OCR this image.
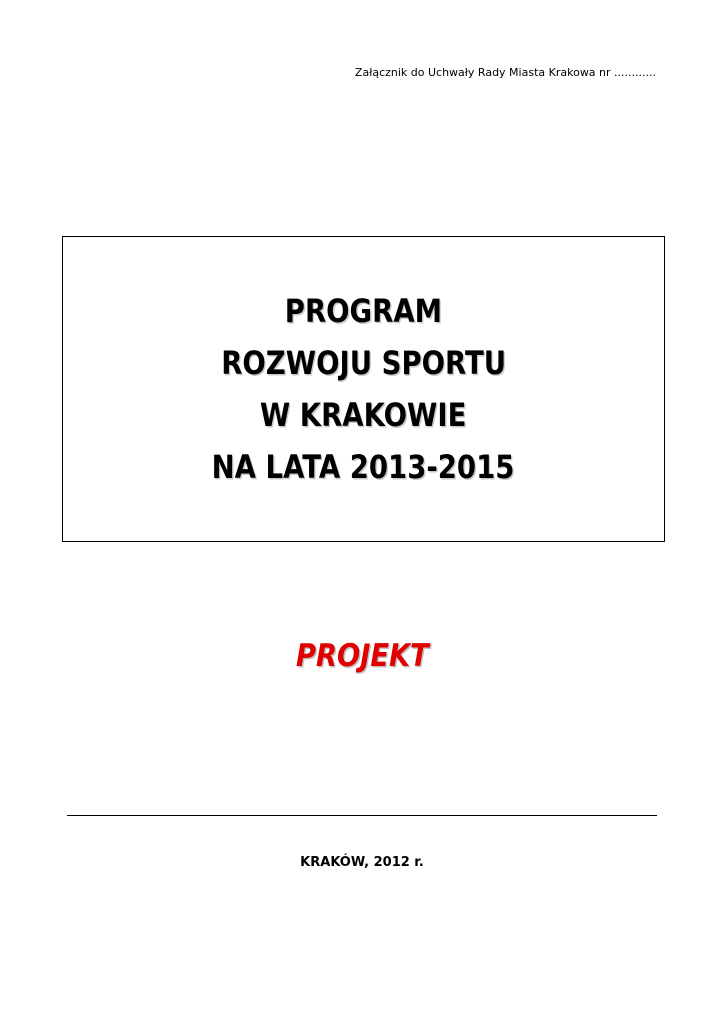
Załącznik do Uchwały Rady Miasta Krakowa nr ............
PROGRAM
ROZWOJU SPORTU
W KRAKOWIE
NA LATA 2013-2015
PROJEKT
KRAKÓW, 2012 r.
